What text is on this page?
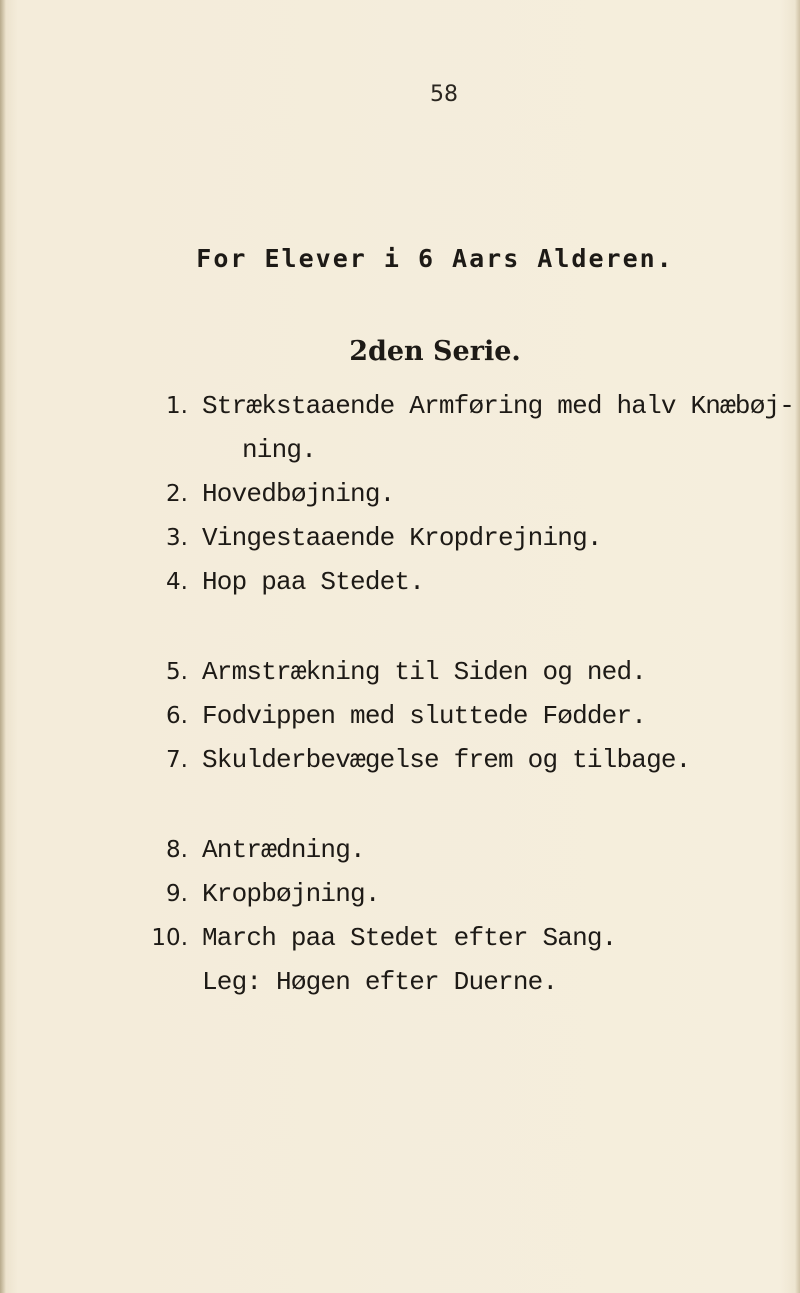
58
For Elever i 6 Aars Alderen.
2den Serie.
1. Strækstaaende Armføring med halv Knæbøj-
ning.
2. Hovedbøjning.
3. Vingestaaende Kropdrejning.
4. Hop paa Stedet.
5. Armstrækning til Siden og ned.
6. Fodvippen med sluttede Fødder.
7. Skulderbevægelse frem og tilbage.
8. Antrædning.
9. Kropbøjning.
10. March paa Stedet efter Sang.
Leg: Høgen efter Duerne.
